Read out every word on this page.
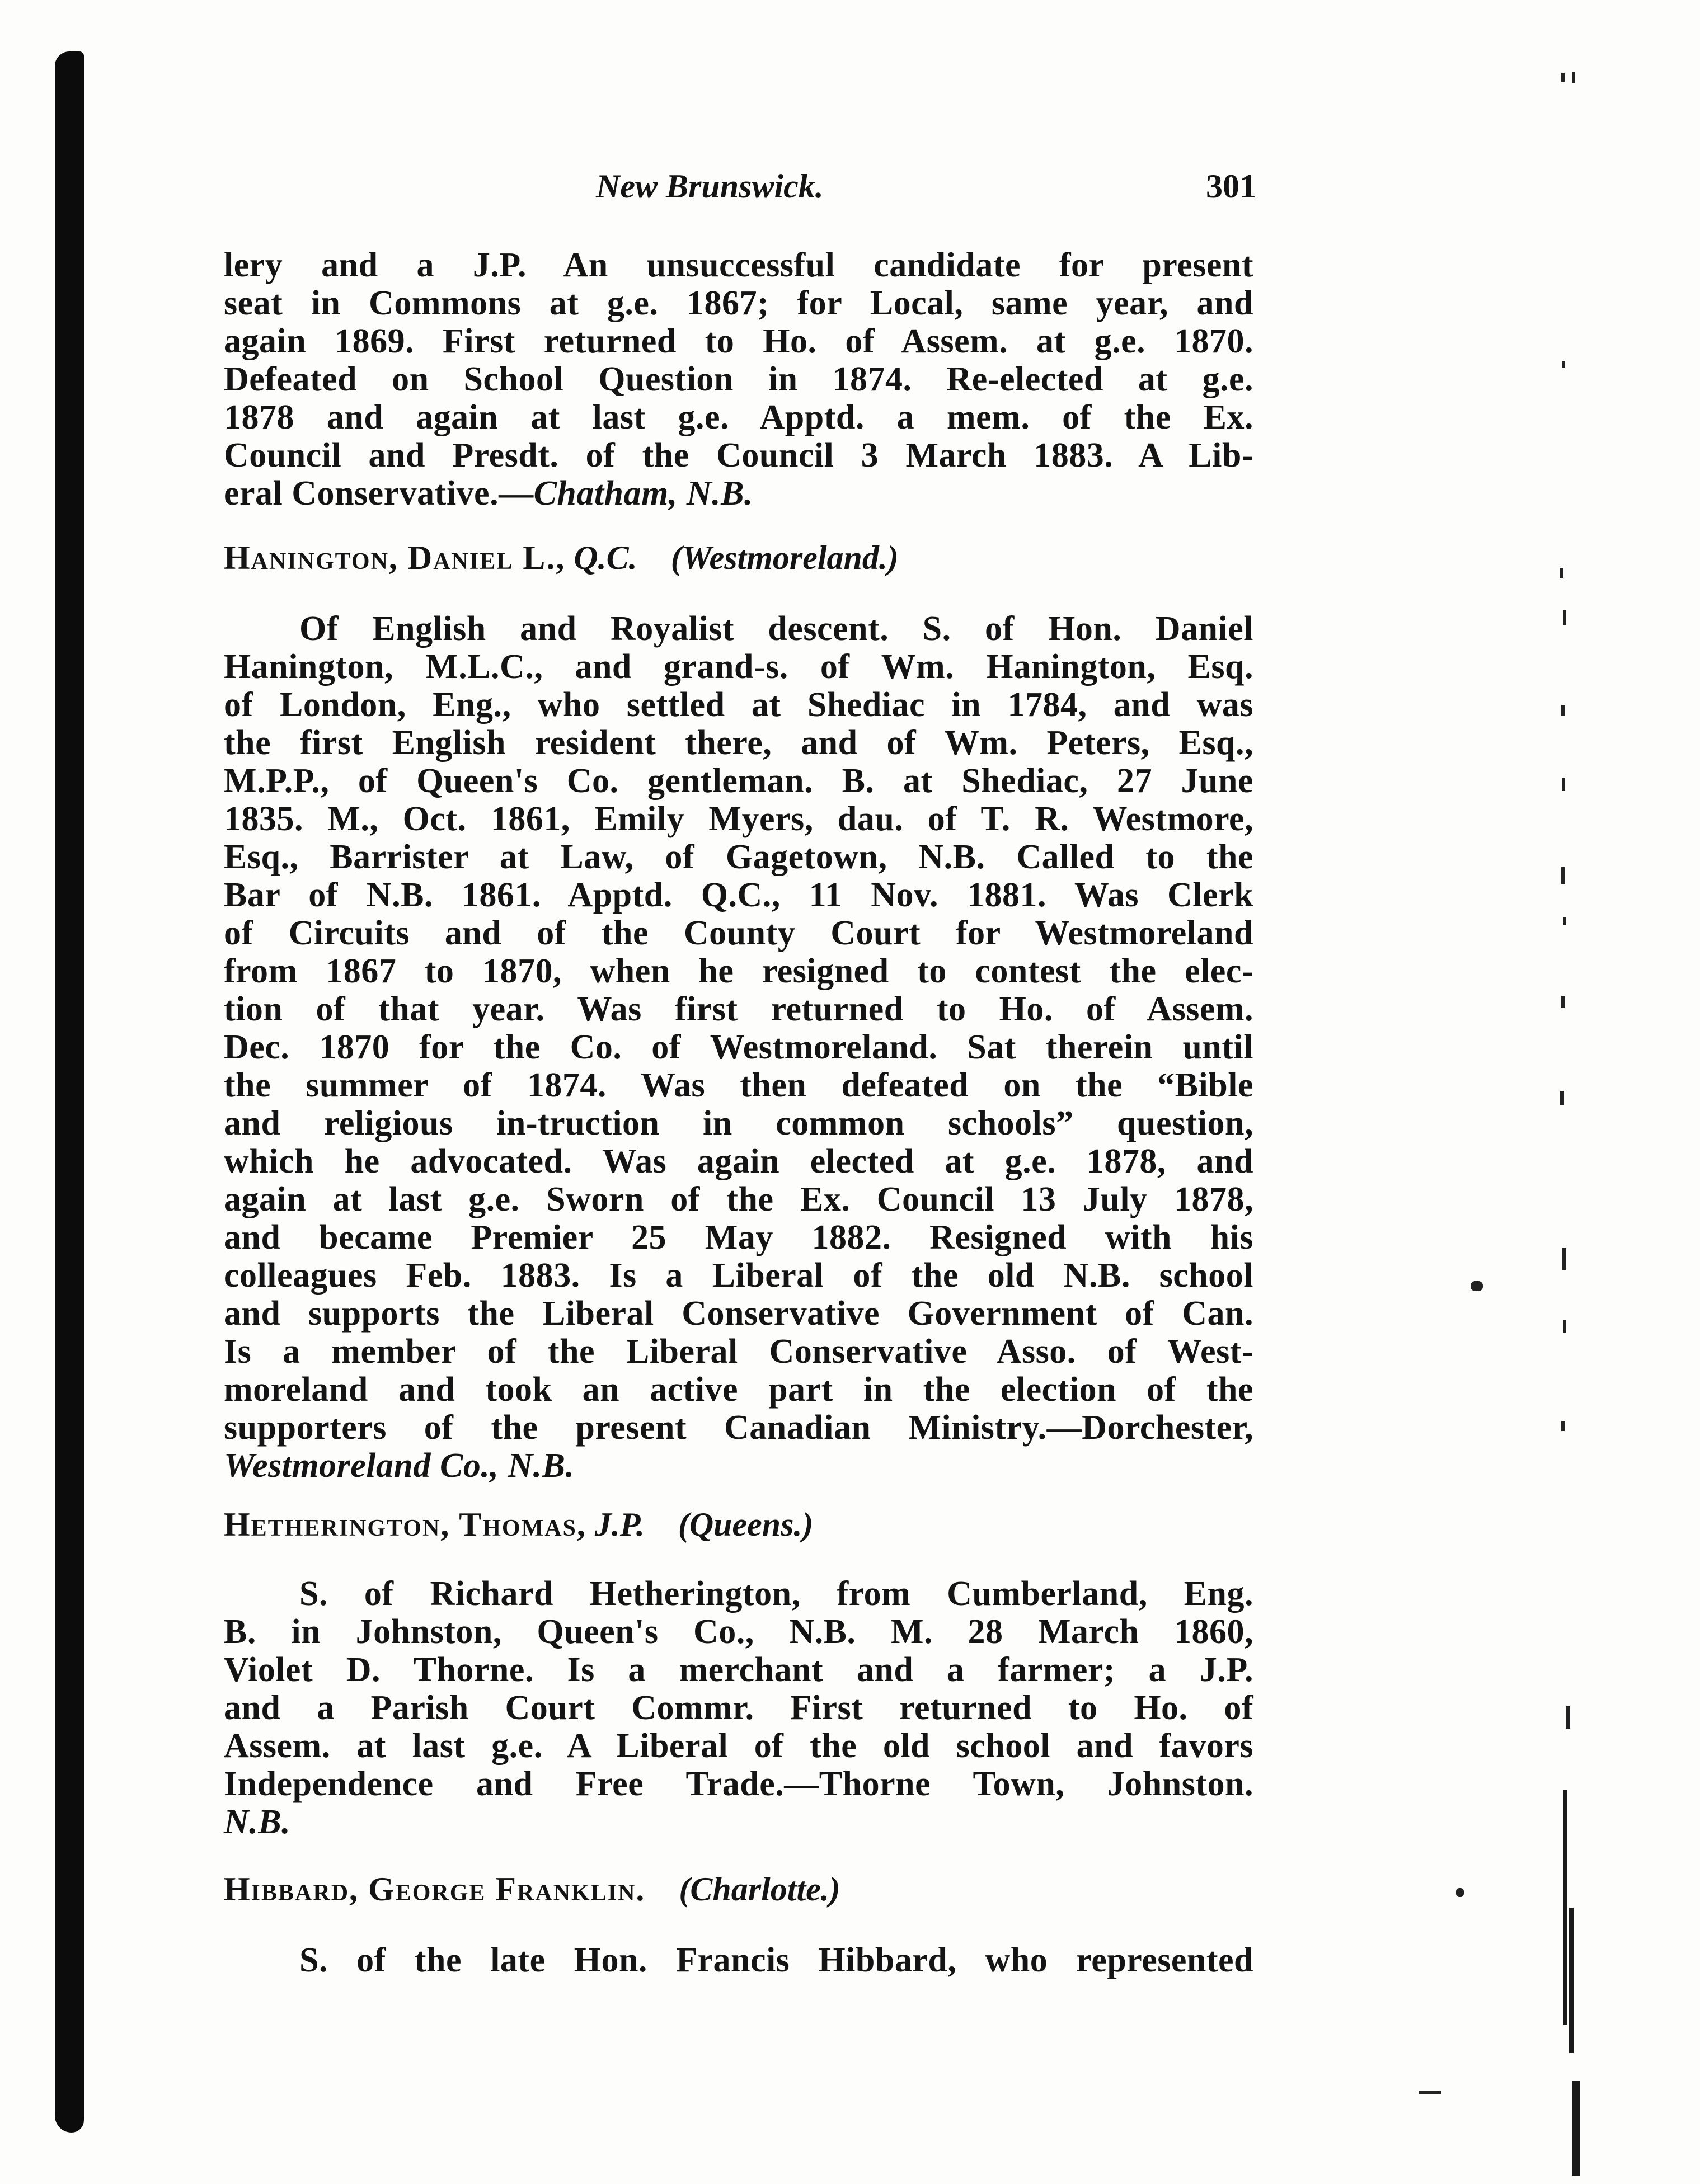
New Brunswick.	301

lery and a J.P. An unsuccessful candidate for present

seat in Commons at g.e. 1867; for Local, same year, and

again 1869. First returned to Ho. of Assem. at g.e. 1870.

Defeated on School Question in 1874. Re-elected at g.e.

1878 and again at last g.e. Apptd. a mem. of the Ex.

Council and Presdt. of the Council 3 March 1883. A Lib-

eral Conservative.—Chatham, N.B.

Hanington, Daniel L., Q.C. (Westmoreland.)

Of English and Royalist descent. S. of Hon. Daniel

Hanington, M.L.C., and grand-s. of Wm. Hanington, Esq.

of London, Eng., who settled at Shediac in 1784, and was

the first English resident there, and of Wm. Peters, Esq.,

M.P.P., of Queen's Co. gentleman. B. at Shediac, 27 June

1835. M., Oct. 1861, Emily Myers, dau. of T. R. Westmore,

Esq., Barrister at Law, of Gagetown, N.B. Called to the

Bar of N.B. 1861. Apptd. Q.C., 11 Nov. 1881. Was Clerk

of Circuits and of the County Court for Westmoreland

from 1867 to 1870, when he resigned to contest the elec-

tion of that year. Was first returned to Ho. of Assem.

Dec. 1870 for the Co. of Westmoreland. Sat therein until

the summer of 1874. Was then defeated on the “Bible

and religious in-truction in common schools” question,

which he advocated. Was again elected at g.e. 1878, and

again at last g.e. Sworn of the Ex. Council 13 July 1878,

and became Premier 25 May 1882. Resigned with his

colleagues Feb. 1883. Is a Liberal of the old N.B. school

and supports the Liberal Conservative Government of Can.

Is a member of the Liberal Conservative Asso. of West-

moreland and took an active part in the election of the

supporters of the present Canadian Ministry.—Dorchester,

Westmoreland Co., N.B.

Hetherington, Thomas, J.P. (Queens.)

S. of Richard Hetherington, from Cumberland, Eng.

B. in Johnston, Queen's Co., N.B. M. 28 March 1860,

Violet D. Thorne. Is a merchant and a farmer; a J.P.

and a Parish Court Commr. First returned to Ho. of

Assem. at last g.e. A Liberal of the old school and favors

Independence and Free Trade.—Thorne Town, Johnston.

N.B.

Hibbard, George Franklin. (Charlotte.)

S. of the late Hon. Francis Hibbard, who represented
